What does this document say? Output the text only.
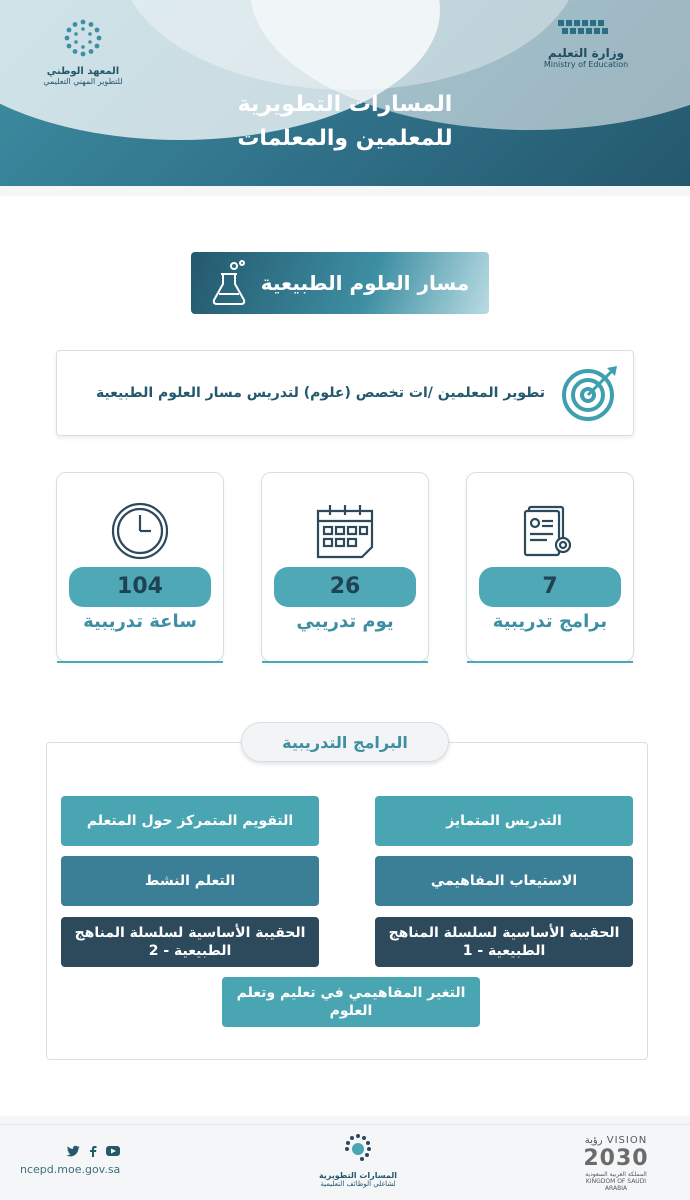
المعهد الوطني
للتطوير المهني التعليمي
وزارة التعليم
Ministry of Education
المسارات التطويرية
للمعلمين والمعلمات
مسار العلوم الطبيعية
تطوير المعلمين /ات تخصص (علوم) لتدريس مسار العلوم الطبيعية
7
برامج تدريبية
26
يوم تدريبي
104
ساعة تدريبية
البرامج التدريبية
التدريس المتمايز
التقويم المتمركز حول المتعلم
الاستيعاب المفاهيمي
التعلم النشط
الحقيبة الأساسية لسلسلة المناهج الطبيعية - 1
الحقيبة الأساسية لسلسلة المناهج الطبيعية - 2
التغير المفاهيمي في تعليم وتعلم العلوم
ncepd.moe.gov.sa	المسارات التطويرية
لشاغلي الوظائف التعليمية
VISION رؤية
2030
المملكة العربية السعودية
KINGDOM OF SAUDI ARABIA
